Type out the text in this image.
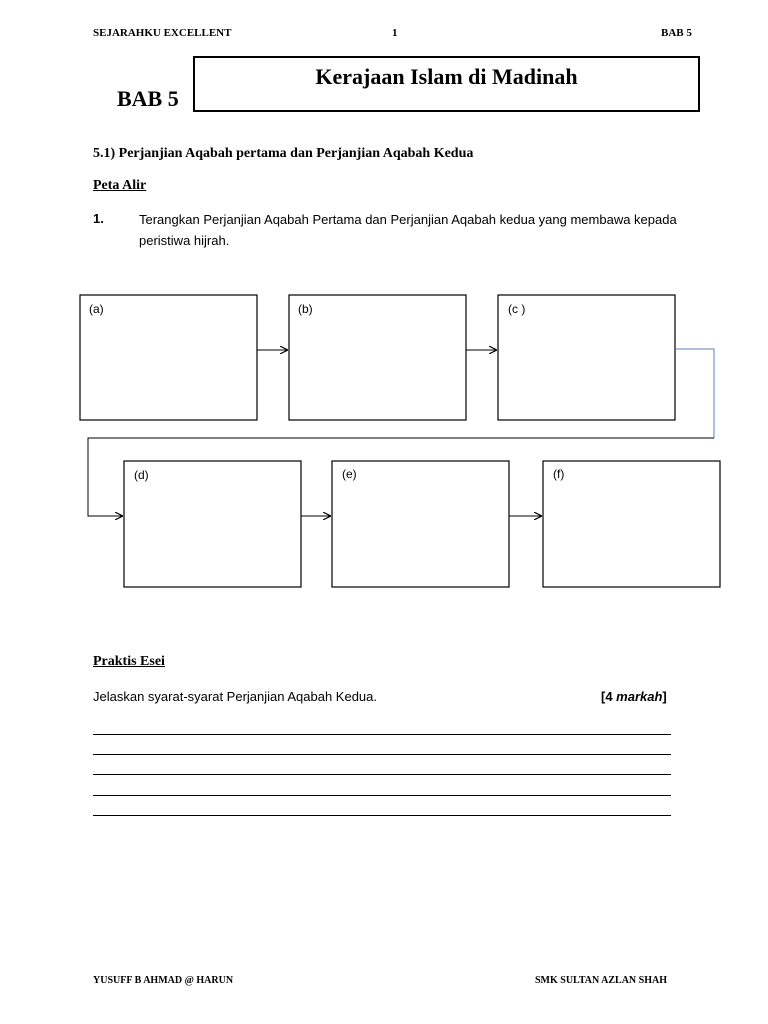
SEJARAHKU EXCELLENT	1	BAB 5
BAB 5
Kerajaan Islam di Madinah
5.1) Perjanjian Aqabah pertama dan Perjanjian Aqabah Kedua
Peta Alir
1.	Terangkan Perjanjian Aqabah Pertama dan Perjanjian Aqabah kedua yang membawa kepada peristiwa hijrah.
(a)	(b)	(c )
(d)	(e)	(f)
Praktis Esei
Jelaskan syarat-syarat Perjanjian Aqabah Kedua.	[4 markah]
YUSUFF B AHMAD @ HARUN	SMK SULTAN AZLAN SHAH
